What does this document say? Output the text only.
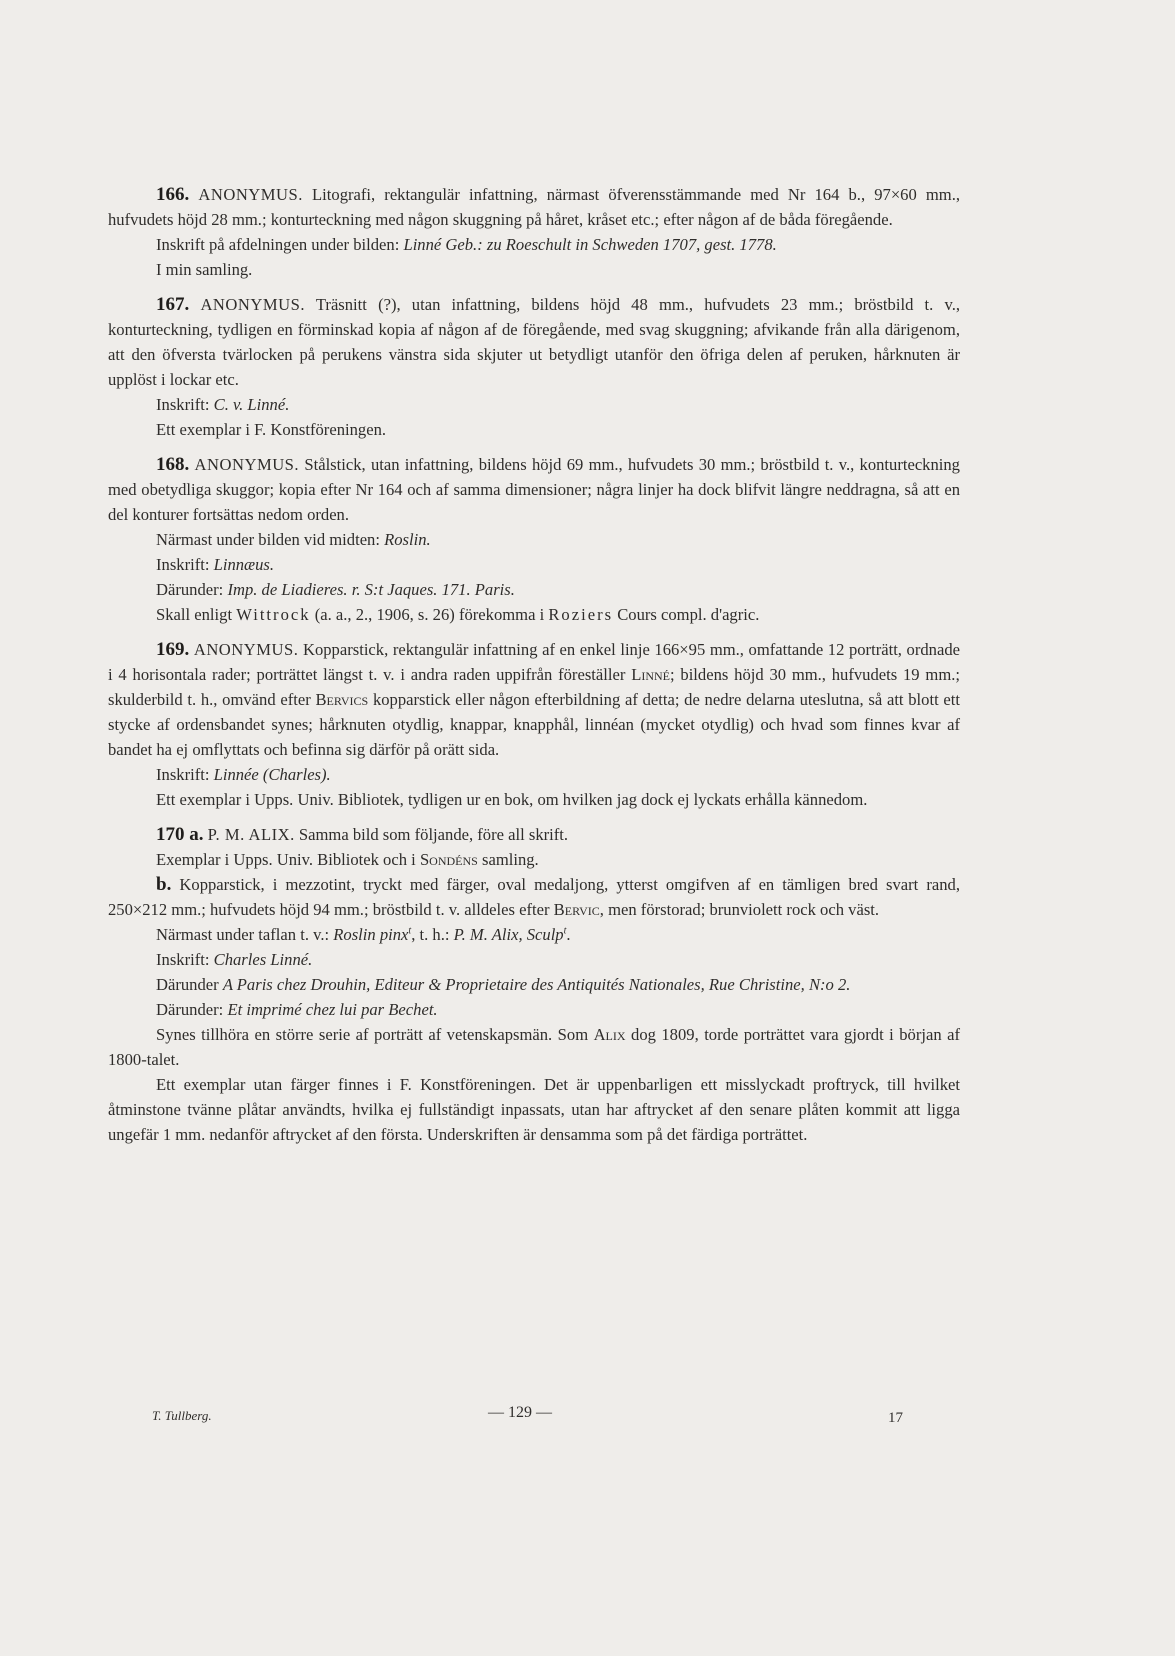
166. ANONYMUS. Litografi, rektangulär infattning, närmast öfverensstämmande med Nr 164 b., 97×60 mm., hufvudets höjd 28 mm.; konturteckning med någon skuggning på håret, kråset etc.; efter någon af de båda föregående.

Inskrift på afdelningen under bilden: Linné Geb.: zu Roeschult in Schweden 1707, gest. 1778.

I min samling.

167. ANONYMUS. Träsnitt (?), utan infattning, bildens höjd 48 mm., hufvudets 23 mm.; bröstbild t. v., konturteckning, tydligen en förminskad kopia af någon af de föregående, med svag skuggning; afvikande från alla därigenom, att den öfversta tvärlocken på perukens vänstra sida skjuter ut betydligt utanför den öfriga delen af peruken, hårknuten är upplöst i lockar etc.

Inskrift: C. v. Linné.

Ett exemplar i F. Konstföreningen.

168. ANONYMUS. Stålstick, utan infattning, bildens höjd 69 mm., hufvudets 30 mm.; bröstbild t. v., konturteckning med obetydliga skuggor; kopia efter Nr 164 och af samma dimensioner; några linjer ha dock blifvit längre neddragna, så att en del konturer fortsättas nedom orden.

Närmast under bilden vid midten: Roslin.

Inskrift: Linnæus.

Därunder: Imp. de Liadieres. r. S:t Jaques. 171. Paris.

Skall enligt Wittrock (a. a., 2., 1906, s. 26) förekomma i Roziers Cours compl. d'agric.

169. ANONYMUS. Kopparstick, rektangulär infattning af en enkel linje 166×95 mm., omfattande 12 porträtt, ordnade i 4 horisontala rader; porträttet längst t. v. i andra raden uppifrån föreställer Linné; bildens höjd 30 mm., hufvudets 19 mm.; skulderbild t. h., omvänd efter Bervics kopparstick eller någon efterbildning af detta; de nedre delarna uteslutna, så att blott ett stycke af ordensbandet synes; hårknuten otydlig, knappar, knapphål, linnéan (mycket otydlig) och hvad som finnes kvar af bandet ha ej omflyttats och befinna sig därför på orätt sida.

Inskrift: Linnée (Charles).

Ett exemplar i Upps. Univ. Bibliotek, tydligen ur en bok, om hvilken jag dock ej lyckats erhålla kännedom.

170 a. P. M. ALIX. Samma bild som följande, före all skrift.

Exemplar i Upps. Univ. Bibliotek och i Sondéns samling.

b. Kopparstick, i mezzotint, tryckt med färger, oval medaljong, ytterst omgifven af en tämligen bred svart rand, 250×212 mm.; hufvudets höjd 94 mm.; bröstbild t. v. alldeles efter Bervic, men förstorad; brunviolett rock och väst.

Närmast under taflan t. v.: Roslin pinx$^t$, t. h.: P. M. Alix, Sculp$^t$.

Inskrift: Charles Linné.

Därunder A Paris chez Drouhin, Editeur & Proprietaire des Antiquités Nationales, Rue Christine, N:o 2.

Därunder: Et imprimé chez lui par Bechet.

Synes tillhöra en större serie af porträtt af vetenskapsmän. Som Alix dog 1809, torde porträttet vara gjordt i början af 1800-talet.

Ett exemplar utan färger finnes i F. Konstföreningen. Det är uppenbarligen ett misslyckadt proftryck, till hvilket åtminstone tvänne plåtar användts, hvilka ej fullständigt inpassats, utan har aftrycket af den senare plåten kommit att ligga ungefär 1 mm. nedanför aftrycket af den första. Underskriften är densamma som på det färdiga porträttet.

T. Tullberg.	— 129 —	17
